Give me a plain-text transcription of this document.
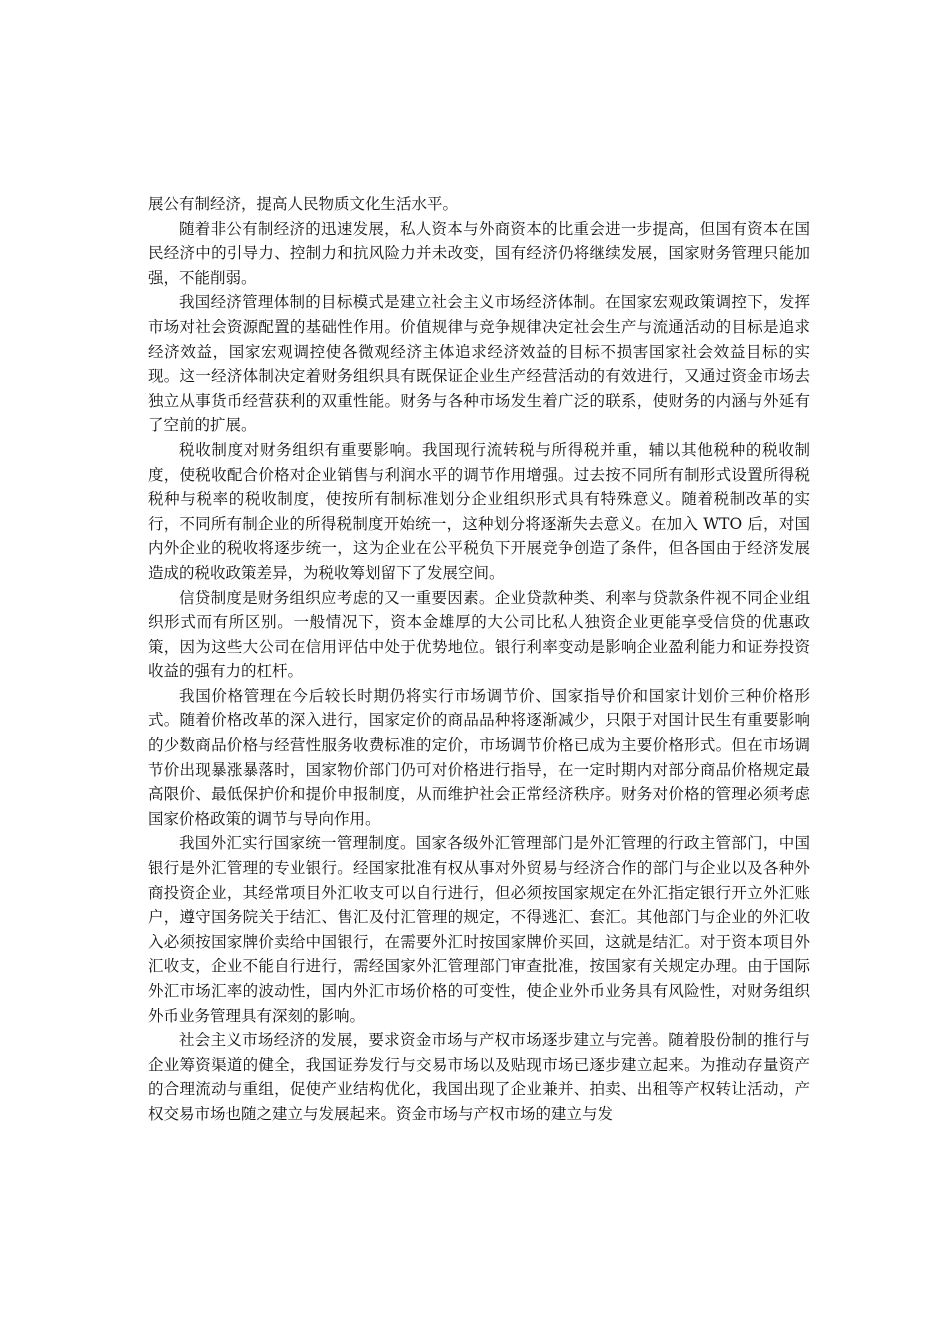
展公有制经济，提高人民物质文化生活水平。

随着非公有制经济的迅速发展，私人资本与外商资本的比重会进一步提高，但国有资本在国民经济中的引导力、控制力和抗风险力并未改变，国有经济仍将继续发展，国家财务管理只能加强，不能削弱。

我国经济管理体制的目标模式是建立社会主义市场经济体制。在国家宏观政策调控下，发挥市场对社会资源配置的基础性作用。价值规律与竞争规律决定社会生产与流通活动的目标是追求经济效益，国家宏观调控使各微观经济主体追求经济效益的目标不损害国家社会效益目标的实现。这一经济体制决定着财务组织具有既保证企业生产经营活动的有效进行，又通过资金市场去独立从事货币经营获利的双重性能。财务与各种市场发生着广泛的联系，使财务的内涵与外延有了空前的扩展。

税收制度对财务组织有重要影响。我国现行流转税与所得税并重，辅以其他税种的税收制度，使税收配合价格对企业销售与利润水平的调节作用增强。过去按不同所有制形式设置所得税税种与税率的税收制度，使按所有制标准划分企业组织形式具有特殊意义。随着税制改革的实行，不同所有制企业的所得税制度开始统一，这种划分将逐渐失去意义。在加入 WTO 后，对国内外企业的税收将逐步统一，这为企业在公平税负下开展竞争创造了条件，但各国由于经济发展造成的税收政策差异，为税收筹划留下了发展空间。

信贷制度是财务组织应考虑的又一重要因素。企业贷款种类、利率与贷款条件视不同企业组织形式而有所区别。一般情况下，资本金雄厚的大公司比私人独资企业更能享受信贷的优惠政策，因为这些大公司在信用评估中处于优势地位。银行利率变动是影响企业盈利能力和证券投资收益的强有力的杠杆。

我国价格管理在今后较长时期仍将实行市场调节价、国家指导价和国家计划价三种价格形式。随着价格改革的深入进行，国家定价的商品品种将逐渐减少，只限于对国计民生有重要影响的少数商品价格与经营性服务收费标准的定价，市场调节价格已成为主要价格形式。但在市场调节价出现暴涨暴落时，国家物价部门仍可对价格进行指导，在一定时期内对部分商品价格规定最高限价、最低保护价和提价申报制度，从而维护社会正常经济秩序。财务对价格的管理必须考虑国家价格政策的调节与导向作用。

我国外汇实行国家统一管理制度。国家各级外汇管理部门是外汇管理的行政主管部门，中国银行是外汇管理的专业银行。经国家批准有权从事对外贸易与经济合作的部门与企业以及各种外商投资企业，其经常项目外汇收支可以自行进行，但必须按国家规定在外汇指定银行开立外汇账户，遵守国务院关于结汇、售汇及付汇管理的规定，不得逃汇、套汇。其他部门与企业的外汇收入必须按国家牌价卖给中国银行，在需要外汇时按国家牌价买回，这就是结汇。对于资本项目外汇收支，企业不能自行进行，需经国家外汇管理部门审查批准，按国家有关规定办理。由于国际外汇市场汇率的波动性，国内外汇市场价格的可变性，使企业外币业务具有风险性，对财务组织外币业务管理具有深刻的影响。

社会主义市场经济的发展，要求资金市场与产权市场逐步建立与完善。随着股份制的推行与企业筹资渠道的健全，我国证券发行与交易市场以及贴现市场已逐步建立起来。为推动存量资产的合理流动与重组，促使产业结构优化，我国出现了企业兼并、拍卖、出租等产权转让活动，产权交易市场也随之建立与发展起来。资金市场与产权市场的建立与发
